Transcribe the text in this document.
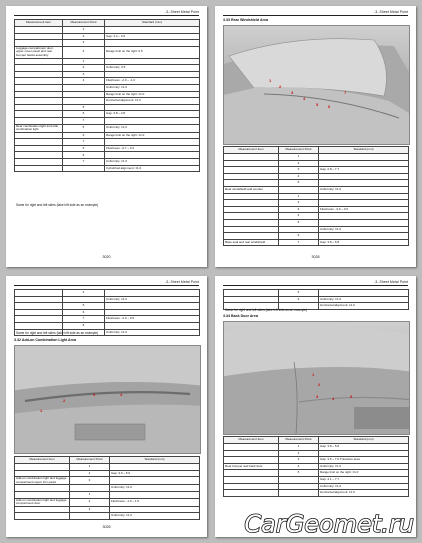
-3-.Sheet Metal Point
Measurement Item	Measurement Point	Standard (mm)
	1	
	2	Gap: 3.4 ~ 4.9
	3	
Luggage compartment door, upper cover panel and rear bumper fascia assembly	4	Range limit on the right: 0.5
	1	
	2	Uniformity: 0.5
	3	
	4	Flushness: -2.0 ~ -1.0
		Uniformity: ±1.0
		Range limit on the right: ±1.0
		Horizontal alignment: ±1.0
	5	
	6	Gap: 3.8 ~ 4.8
	7	
Rear combination light and side combination light	5	Uniformity: ±1.0
	6	Range limit on the right: ±1.0
	7	
	5	Flushness: -0.7 ~ 0.3
	6	
	7	Uniformity: ±1.0
		Cylindrical alignment: ±1.0
Same for right and left sides (take left side as an example)
3020
-3-.Sheet Metal Point
3.33 Rear Windshield Area
1
2
3
4
5 6
7
Measurement Item	Measurement Point	Standard (mm)
	1	
	2	
	3	Gap: 2.8 ~ 7.7
	4	
	5	
Rear windshield and counter		Uniformity: ±1.0
	1	
	2	
	3	Flushness: -3.0 ~ 3.0
	4	
	5	
		Uniformity: ±1.0
	6	
Base seal and rear windshield	7	Gap: 3.8 ~ 6.8
3028
-3-.Sheet Metal Point
	4	
		Uniformity: ±1.0
	5	
	6	
	7	Flushness: -2.0 ~ 0.5
	8	
		Uniformity: ±1.0
Same for right and left sides (take left side as an example)
3.32 Add-on Combination Light Area
1
2
3	4
Measurement Item	Measurement Point	Standard (mm)
	1	
	2	Gap: 3.0 ~ 5.0
Add-on combination light and luggage compartment upper trim panel	3	
		Uniformity: ±1.0
	1	
Add-on combination light and luggage compartment door	2	Flushness: -1.0 ~ 1.5
	3	
		Uniformity: ±1.0
3026
-3-.Sheet Metal Point
	5	
	6	Uniformity: ±1.0
		Horizontal alignment: ±1.0
Same for right and left sides (take left side as an example)
3.34 Back Door Area
1
2
3	4	5
Measurement Item	Measurement Point	Standard (mm)
	1	Gap: 3.8 ~ 5.8
	2	
	3	Gap: 3.5 ~ 7.0 Transition area
Rear bumper and back door	4	Uniformity: ±1.0
	5	Range limit on the right: ±1.0
		Gap: 4.1 ~ 7.7
		Uniformity: ±1.0
		Horizontal alignment: ±1.0
CarGeomet.ru
